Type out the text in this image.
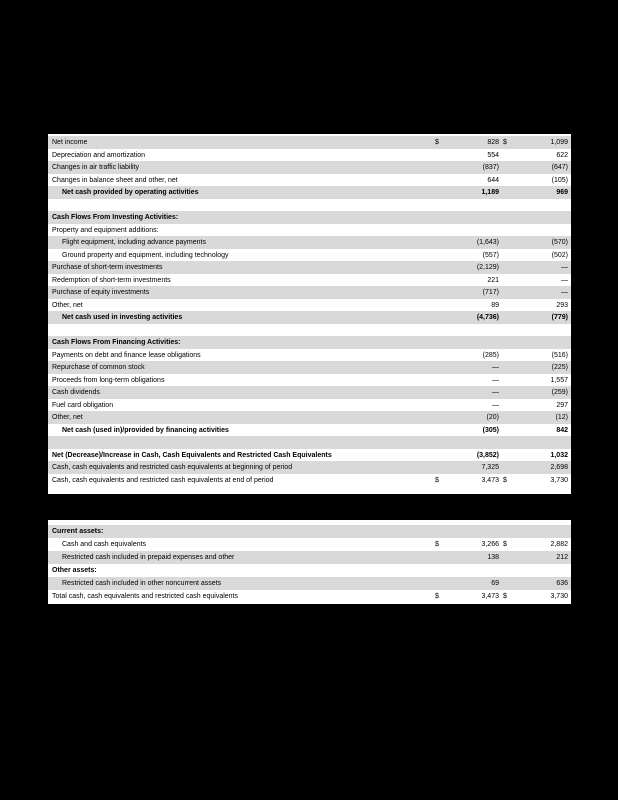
Net income	$	828 $	1,099
Depreciation and amortization	554	622
Changes in air traffic liability	(837)	(647)
Changes in balance sheet and other, net	644	(105)
Net cash provided by operating activities	1,189	969
Cash Flows From Investing Activities:
Property and equipment additions:
Flight equipment, including advance payments	(1,643)	(570)
Ground property and equipment, including technology	(557)	(502)
Purchase of short-term investments	(2,129)	—
Redemption of short-term investments	221	—
Purchase of equity investments	(717)	—
Other, net	89	293
Net cash used in investing activities	(4,736)	(779)
Cash Flows From Financing Activities:
Payments on debt and finance lease obligations	(285)	(516)
Repurchase of common stock	—	(225)
Proceeds from long-term obligations	—	1,557
Cash dividends	—	(259)
Fuel card obligation	—	297
Other, net	(20)	(12)
Net cash (used in)/provided by financing activities	(305)	842
Net (Decrease)/Increase in Cash, Cash Equivalents and Restricted Cash Equivalents	(3,852)	1,032
Cash, cash equivalents and restricted cash equivalents at beginning of period	7,325	2,698
Cash, cash equivalents and restricted cash equivalents at end of period	$	3,473 $	3,730
Current assets:
Cash and cash equivalents	$	3,266 $	2,882
Restricted cash included in prepaid expenses and other	138	212
Other assets:
Restricted cash included in other noncurrent assets	69	636
Total cash, cash equivalents and restricted cash equivalents	$	3,473 $	3,730
